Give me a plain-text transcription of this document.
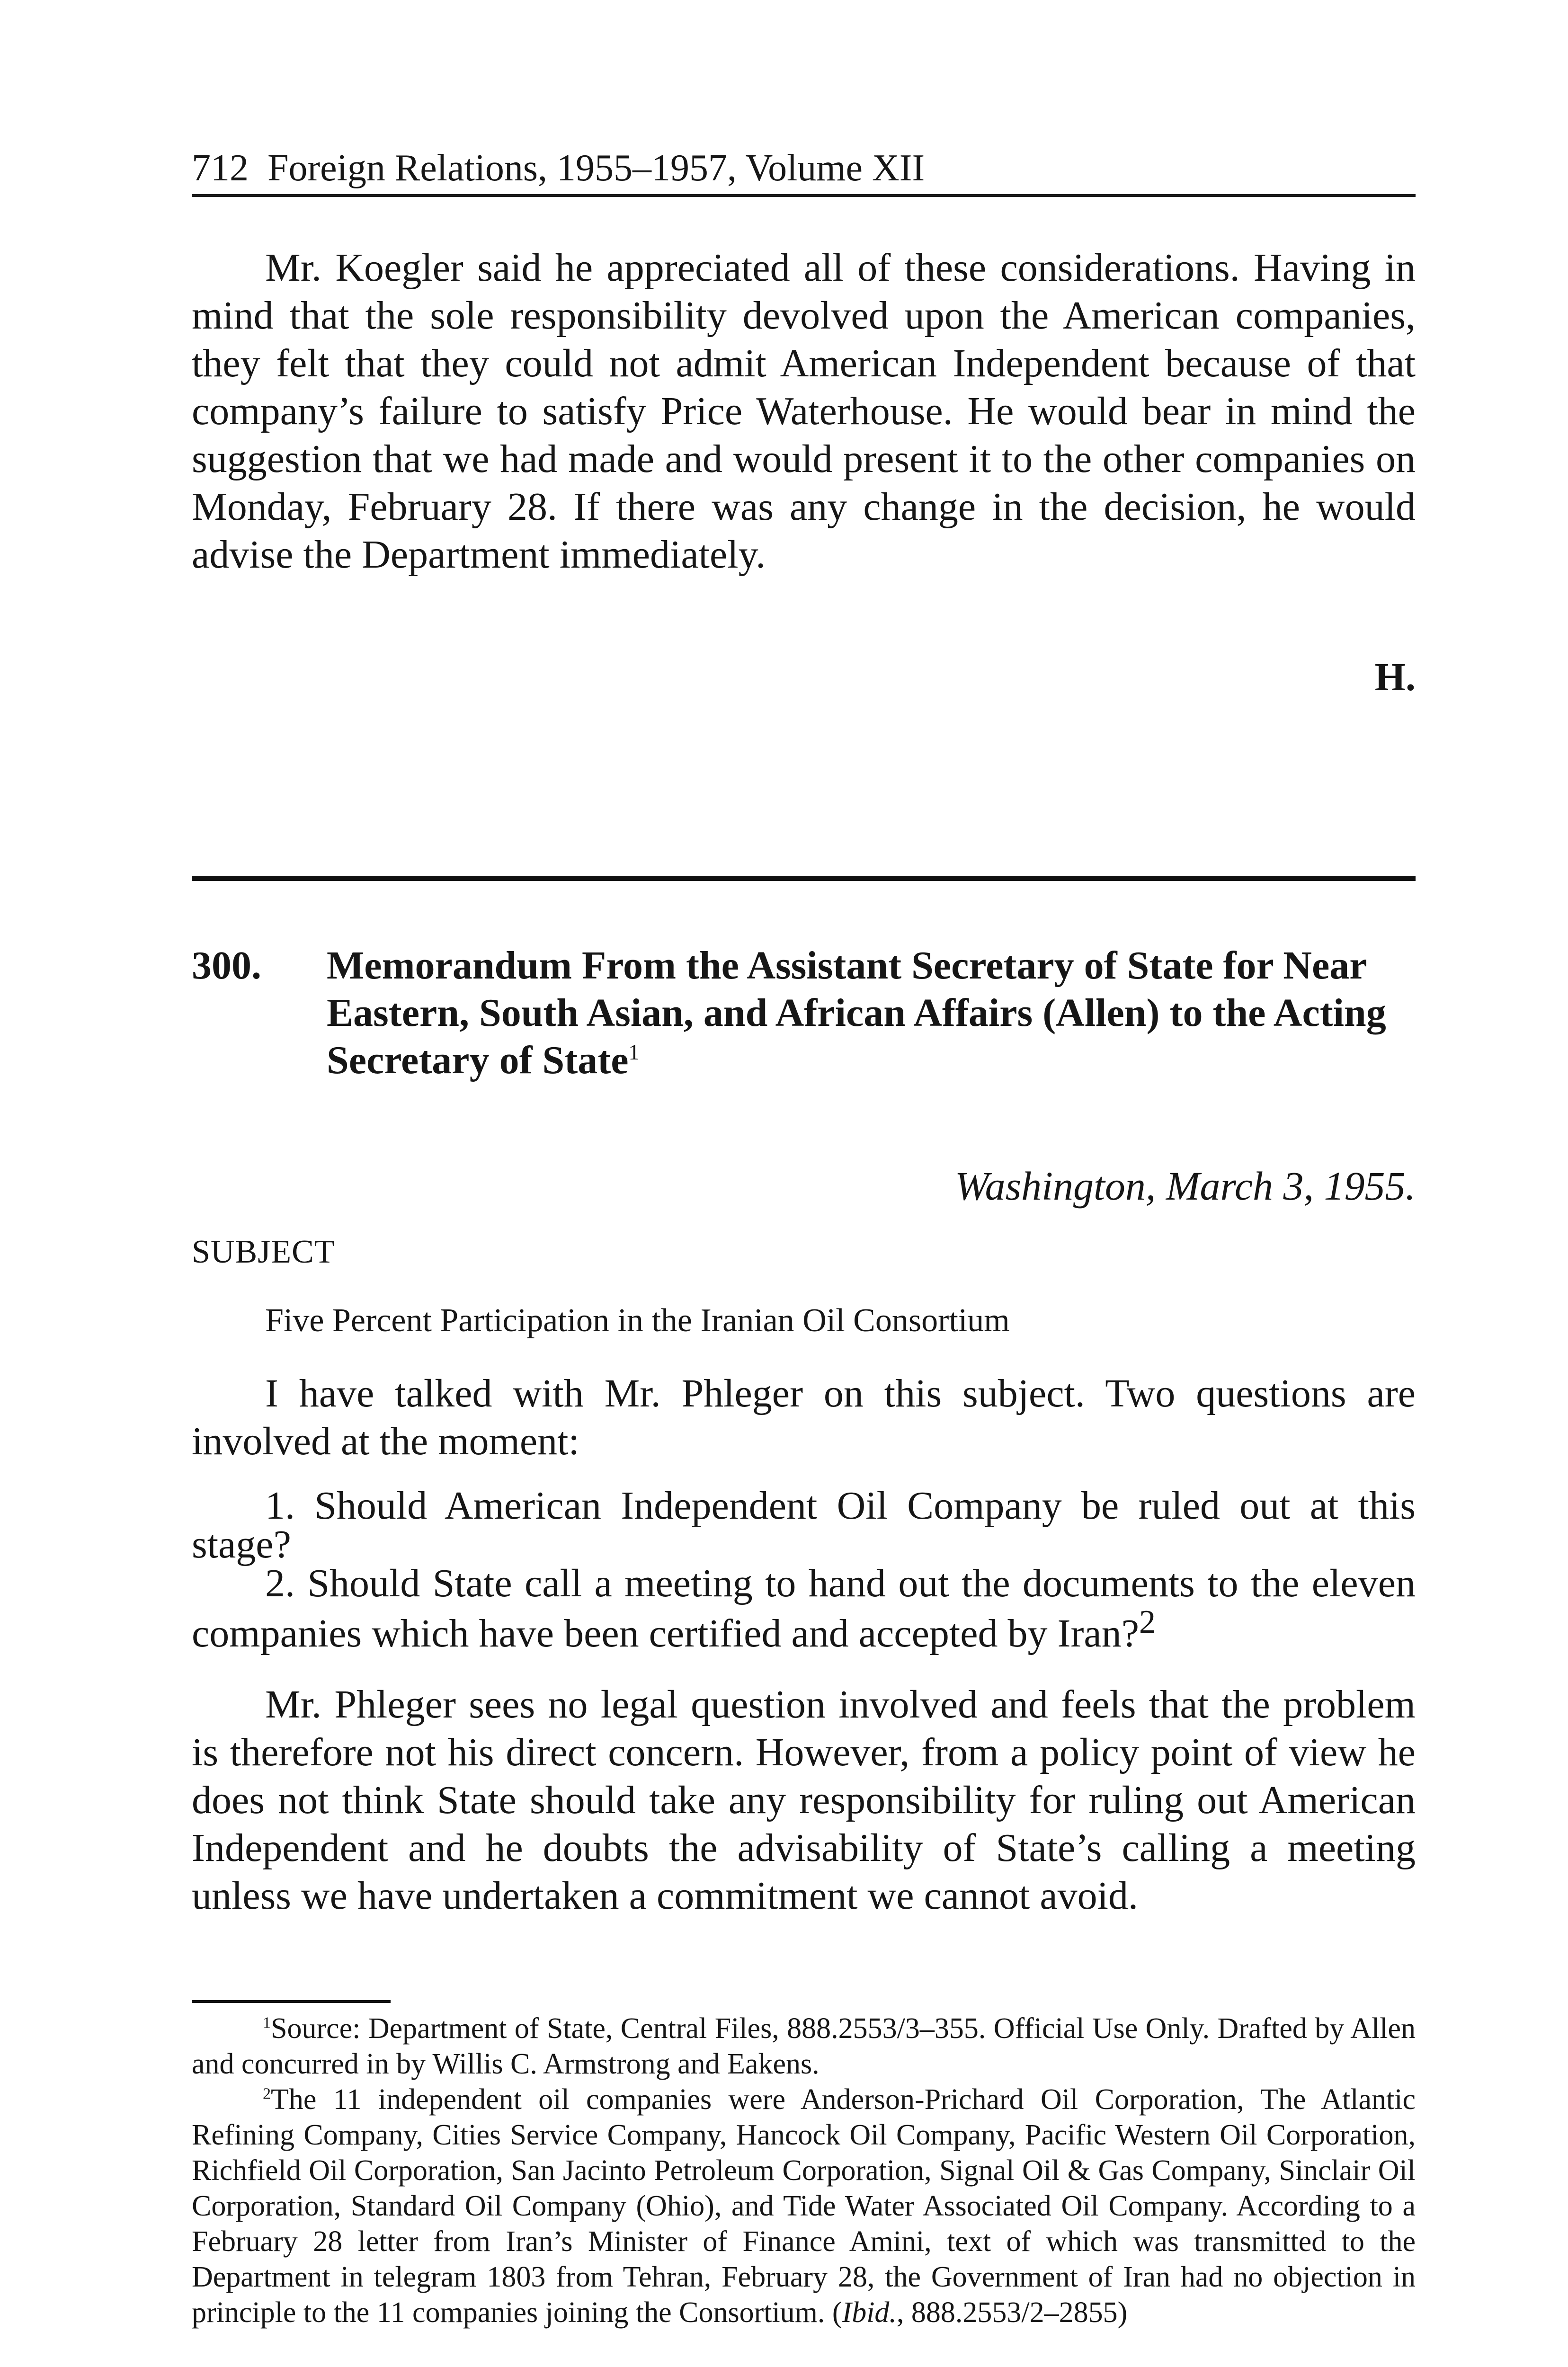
712 Foreign Relations, 1955–1957, Volume XII

Mr. Koegler said he appreciated all of these considerations. Having in mind that the sole responsibility devolved upon the American companies, they felt that they could not admit American Independent because of that company’s failure to satisfy Price Waterhouse. He would bear in mind the suggestion that we had made and would present it to the other companies on Monday, February 28. If there was any change in the decision, he would advise the Department immediately.

H.
300. Memorandum From the Assistant Secretary of State for Near Eastern, South Asian, and African Affairs (Allen) to the Acting Secretary of State$^1$
Washington, March 3, 1955.
SUBJECT
Five Percent Participation in the Iranian Oil Consortium

I have talked with Mr. Phleger on this subject. Two questions are involved at the moment:

1. Should American Independent Oil Company be ruled out at this stage?

2. Should State call a meeting to hand out the documents to the eleven companies which have been certified and accepted by Iran?$^2$

Mr. Phleger sees no legal question involved and feels that the problem is therefore not his direct concern. However, from a policy point of view he does not think State should take any responsibility for ruling out American Independent and he doubts the advisability of State’s calling a meeting unless we have undertaken a commitment we cannot avoid.

$^1$Source: Department of State, Central Files, 888.2553/3–355. Official Use Only. Drafted by Allen and concurred in by Willis C. Armstrong and Eakens.

$^2$The 11 independent oil companies were Anderson-Prichard Oil Corporation, The Atlantic Refining Company, Cities Service Company, Hancock Oil Company, Pacific Western Oil Corporation, Richfield Oil Corporation, San Jacinto Petroleum Corporation, Signal Oil & Gas Company, Sinclair Oil Corporation, Standard Oil Company (Ohio), and Tide Water Associated Oil Company. According to a February 28 letter from Iran’s Minister of Finance Amini, text of which was transmitted to the Department in telegram 1803 from Tehran, February 28, the Government of Iran had no objection in principle to the 11 companies joining the Consortium. (Ibid., 888.2553/2–2855)
